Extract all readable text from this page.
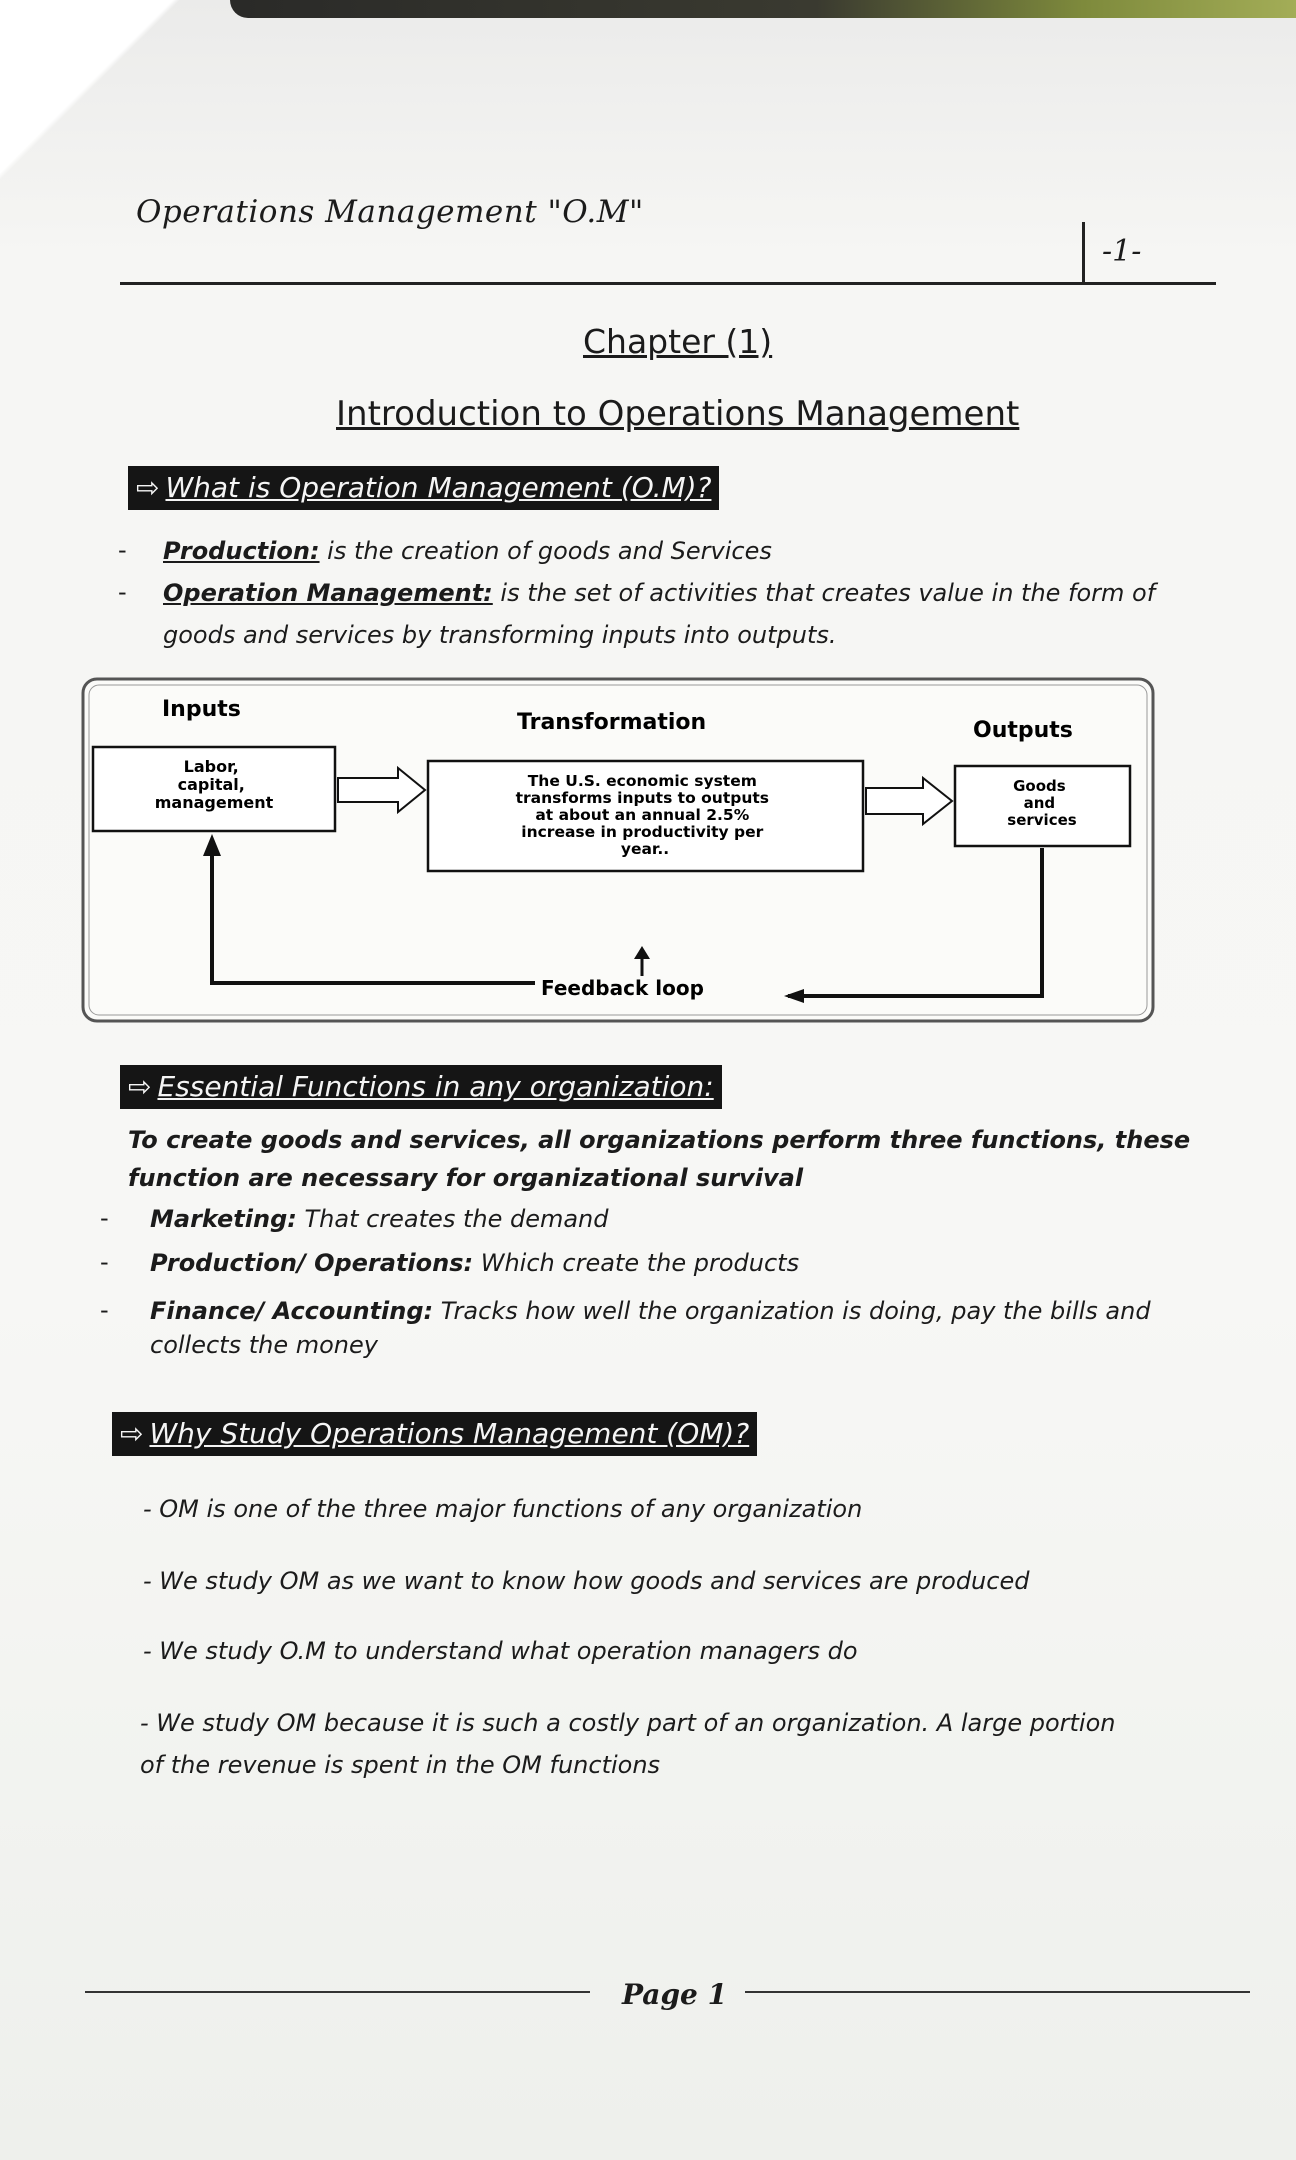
Operations Management "O.M"
-1-
Chapter (1)
Introduction to Operations Management
⇨ What is Operation Management (O.M)?
- Production: is the creation of goods and Services
- Operation Management: is the set of activities that creates value in the form of
goods and services by transforming inputs into outputs.
Inputs
Transformation	Outputs
Labor, capital, management
The U.S. economic system transforms inputs to outputs at about an annual 2.5% increase in productivity per year..
Goods and services
Feedback loop
⇨ Essential Functions in any organization:
To create goods and services, all organizations perform three functions, these
function are necessary for organizational survival
- Marketing: That creates the demand
- Production/ Operations: Which create the products
- Finance/ Accounting: Tracks how well the organization is doing, pay the bills and
collects the money
⇨ Why Study Operations Management (OM)?
- OM is one of the three major functions of any organization
- We study OM as we want to know how goods and services are produced
- We study O.M to understand what operation managers do
- We study OM because it is such a costly part of an organization. A large portion
of the revenue is spent in the OM functions
Page 1
